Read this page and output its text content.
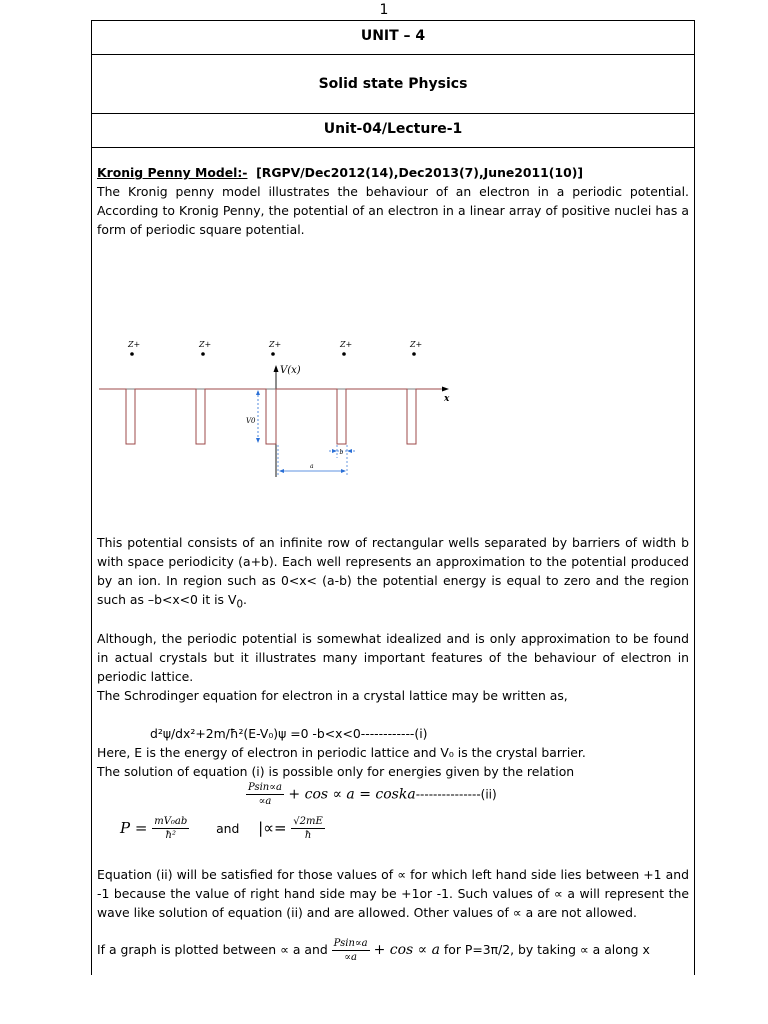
1
UNIT – 4
Solid state Physics
Unit-04/Lecture-1

Kronig Penny Model:- [RGPV/Dec2012(14),Dec2013(7),June2011(10)]

The Kronig penny model illustrates the behaviour of an electron in a periodic potential. According to Kronig Penny, the potential of an electron in a linear array of positive nuclei has a form of periodic square potential.

Z+	Z+	Z+	Z+	Z+
V(x)
x
V0
b
a

This potential consists of an infinite row of rectangular wells separated by barriers of width b with space periodicity (a+b). Each well represents an approximation to the potential produced by an ion. In region such as 0<x< (a-b) the potential energy is equal to zero and the region such as –b<x<0 it is $V_0$.

Although, the periodic potential is somewhat idealized and is only approximation to be found in actual crystals but it illustrates many important features of the behaviour of electron in periodic lattice.

The Schrodinger equation for electron in a crystal lattice may be written as,

d²ψ/dx²+2m/ħ²(E-V₀)ψ =0 -b<x<0------------(i)

Here, E is the energy of electron in periodic lattice and V₀ is the crystal barrier.

The solution of equation (i) is possible only for energies given by the relation

$\frac{Psin\propto a}{\propto a} + \cos \propto a$ = coska---------------(ii)
$P = \frac{\text{mV₀ab}}{\text{ħ²}}$ and |∝= $\frac{√2mE}{ħ}$

Equation (ii) will be satisfied for those values of ∝ for which left hand side lies between +1 and -1 because the value of right hand side may be +1or -1. Such values of ∝ a will represent the wave like solution of equation (ii) and are allowed. Other values of ∝ a are not allowed.

If a graph is plotted between ∝ a and $\frac{Psin\propto a}{\propto a} + \cos \propto a$ for P=3π/2, by taking ∝ a along x
